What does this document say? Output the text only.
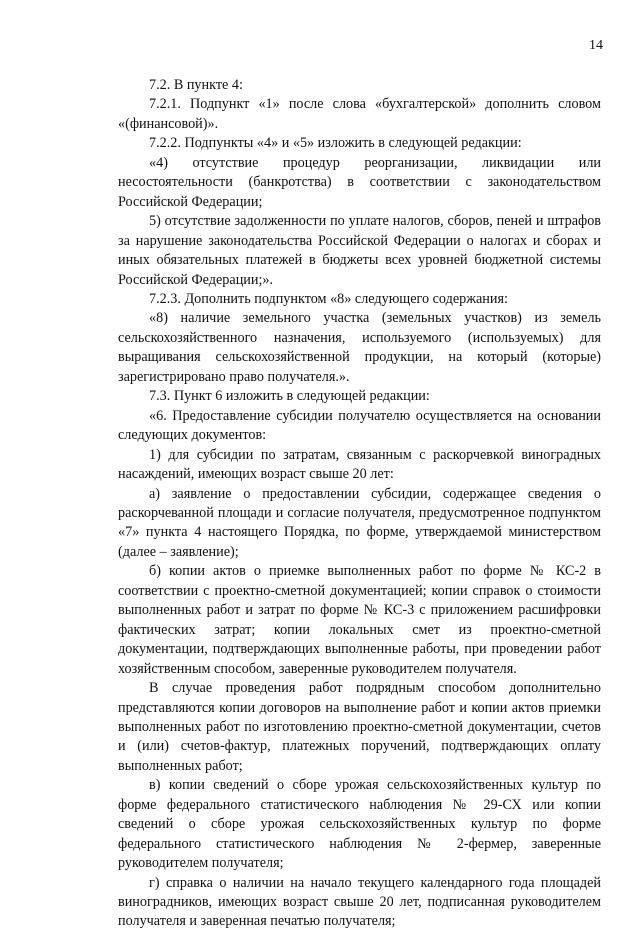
14

7.2. В пункте 4:

7.2.1. Подпункт «1» после слова «бухгалтерской» дополнить словом «(финансовой)».

7.2.2. Подпункты «4» и «5» изложить в следующей редакции:

«4) отсутствие процедур реорганизации, ликвидации или несостоятельности (банкротства) в соответствии с законодательством Российской Федерации;

5) отсутствие задолженности по уплате налогов, сборов, пеней и штрафов за нарушение законодательства Российской Федерации о налогах и сборах и иных обязательных платежей в бюджеты всех уровней бюджетной системы Российской Федерации;».

7.2.3. Дополнить подпунктом «8» следующего содержания:

«8) наличие земельного участка (земельных участков) из земель сельскохозяйственного назначения, используемого (используемых) для выращивания сельскохозяйственной продукции, на который (которые) зарегистрировано право получателя.».

7.3. Пункт 6 изложить в следующей редакции:

«6. Предоставление субсидии получателю осуществляется на основании следующих документов:

1) для субсидии по затратам, связанным с раскорчевкой виноградных насаждений, имеющих возраст свыше 20 лет:

а) заявление о предоставлении субсидии, содержащее сведения о раскорчеванной площади и согласие получателя, предусмотренное подпунктом «7» пункта 4 настоящего Порядка, по форме, утверждаемой министерством (далее – заявление);

б) копии актов о приемке выполненных работ по форме № КС-2 в соответствии с проектно-сметной документацией; копии справок о стоимости выполненных работ и затрат по форме № КС-3 с приложением расшифровки фактических затрат; копии локальных смет из проектно-сметной документации, подтверждающих выполненные работы, при проведении работ хозяйственным способом, заверенные руководителем получателя.

В случае проведения работ подрядным способом дополнительно представляются копии договоров на выполнение работ и копии актов приемки выполненных работ по изготовлению проектно-сметной документации, счетов и (или) счетов-фактур, платежных поручений, подтверждающих оплату выполненных работ;

в) копии сведений о сборе урожая сельскохозяйственных культур по форме федерального статистического наблюдения № 29-СХ или копии сведений о сборе урожая сельскохозяйственных культур по форме федерального статистического наблюдения № 2-фермер, заверенные руководителем получателя;

г) справка о наличии на начало текущего календарного года площадей виноградников, имеющих возраст свыше 20 лет, подписанная руководителем получателя и заверенная печатью получателя;
